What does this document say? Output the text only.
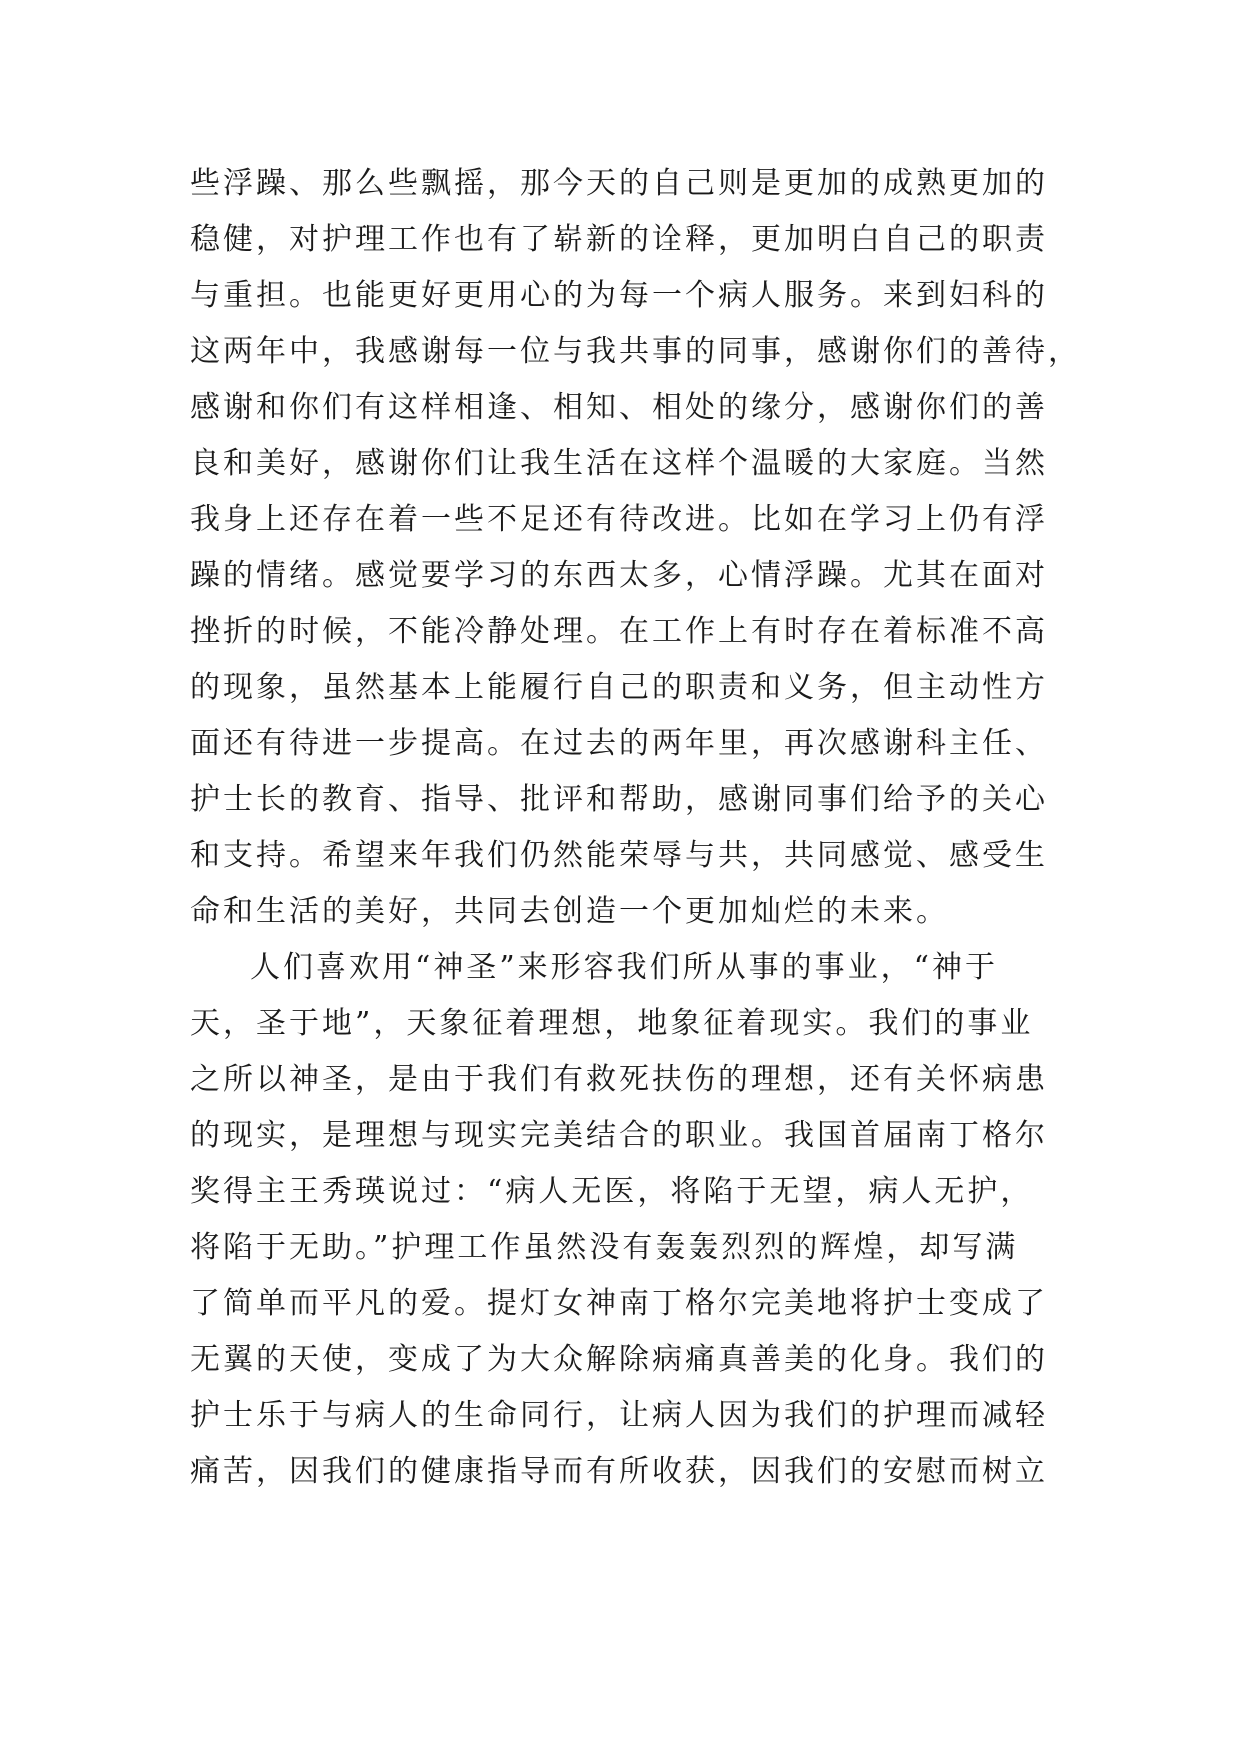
些浮躁、那么些飘摇，那今天的自己则是更加的成熟更加的
稳健，对护理工作也有了崭新的诠释，更加明白自己的职责
与重担。也能更好更用心的为每一个病人服务。来到妇科的
这两年中，我感谢每一位与我共事的同事，感谢你们的善待，
感谢和你们有这样相逢、相知、相处的缘分，感谢你们的善
良和美好，感谢你们让我生活在这样个温暖的大家庭。当然
我身上还存在着一些不足还有待改进。比如在学习上仍有浮
躁的情绪。感觉要学习的东西太多，心情浮躁。尤其在面对
挫折的时候，不能冷静处理。在工作上有时存在着标准不高
的现象，虽然基本上能履行自己的职责和义务，但主动性方
面还有待进一步提高。在过去的两年里，再次感谢科主任、
护士长的教育、指导、批评和帮助，感谢同事们给予的关心
和支持。希望来年我们仍然能荣辱与共，共同感觉、感受生
命和生活的美好，共同去创造一个更加灿烂的未来。
人们喜欢用“神圣”来形容我们所从事的事业，“神于
天，圣于地”，天象征着理想，地象征着现实。我们的事业
之所以神圣，是由于我们有救死扶伤的理想，还有关怀病患
的现实，是理想与现实完美结合的职业。我国首届南丁格尔
奖得主王秀瑛说过：“病人无医，将陷于无望，病人无护，
将陷于无助。”护理工作虽然没有轰轰烈烈的辉煌，却写满
了简单而平凡的爱。提灯女神南丁格尔完美地将护士变成了
无翼的天使，变成了为大众解除病痛真善美的化身。我们的
护士乐于与病人的生命同行，让病人因为我们的护理而减轻
痛苦，因我们的健康指导而有所收获，因我们的安慰而树立
